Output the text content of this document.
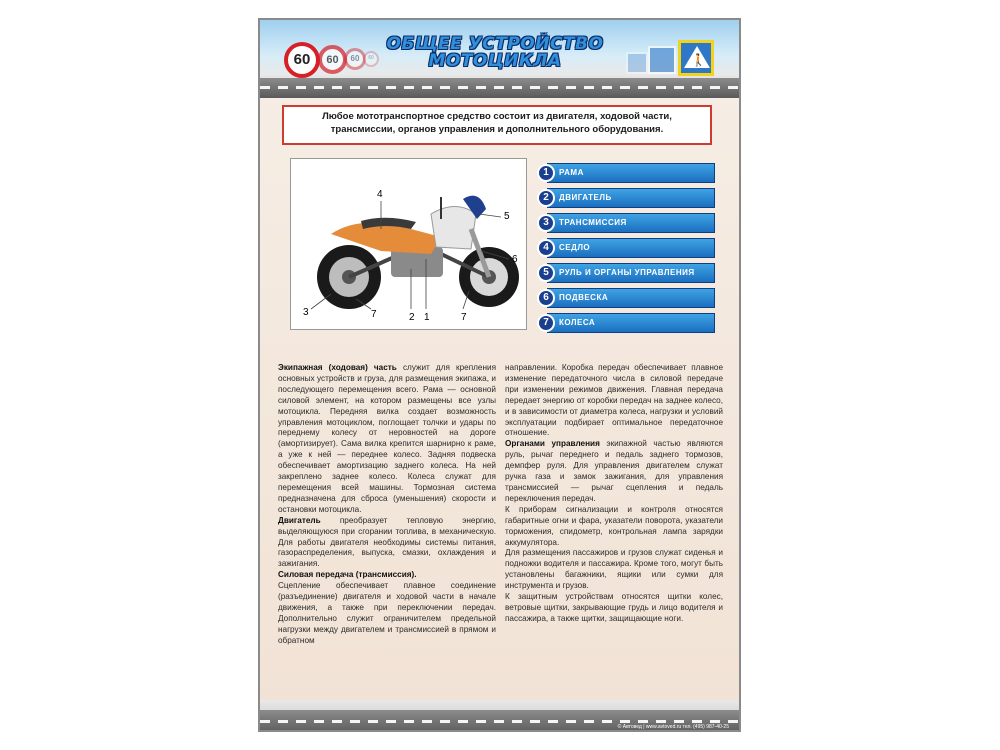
60	60	60	60
ОБЩЕЕ УСТРОЙСТВО
МОТОЦИКЛА	🚶
Любое мототранспортное средство состоит из двигателя, ходовой части, трансмиссии, органов управления и дополнительного оборудования.
4
5
6
3	7	2 1	7
1	РАМА
2	ДВИГАТЕЛЬ
3	ТРАНСМИССИЯ
4	СЕДЛО
5	РУЛЬ И ОРГАНЫ УПРАВЛЕНИЯ
6	ПОДВЕСКА
7	КОЛЕСА

Экипажная (ходовая) часть служит для крепления основных устройств и груза, для размещения экипажа, и последующего перемещения всего. Рама — основной силовой элемент, на котором размещены все узлы мотоцикла. Передняя вилка создает возможность управления мотоциклом, поглощает толчки и удары по переднему колесу от неровностей на дороге (амортизирует). Сама вилка крепится шарнирно к раме, а уже к ней — переднее колесо. Задняя подвеска обеспечивает амортизацию заднего колеса. На ней закреплено заднее колесо. Колеса служат для перемещения всей машины. Тормозная система предназначена для сброса (уменьшения) скорости и остановки мотоцикла.

Двигатель преобразует тепловую энергию, выделяющуюся при сгорании топлива, в механическую. Для работы двигателя необходимы системы питания, газораспределения, выпуска, смазки, охлаждения и зажигания.

Силовая передача (трансмиссия).

Сцепление обеспечивает плавное соединение (разъединение) двигателя и ходовой части в начале движения, а также при переключении передач. Дополнительно служит ограничителем предельной нагрузки между двигателем и трансмиссией в прямом и обратном

направлении. Коробка передач обеспечивает плавное изменение передаточного числа в силовой передаче при изменении режимов движения. Главная передача передает энергию от коробки передач на заднее колесо, и в зависимости от диаметра колеса, нагрузки и условий эксплуатации подбирает оптимальное передаточное отношение.

Органами управления экипажной частью являются руль, рычаг переднего и педаль заднего тормозов, демпфер руля. Для управления двигателем служат ручка газа и замок зажигания, для управления трансмиссией — рычаг сцепления и педаль переключения передач.

К приборам сигнализации и контроля относятся габаритные огни и фара, указатели поворота, указатели торможения, спидометр, контрольная лампа зарядки аккумулятора.

Для размещения пассажиров и грузов служат сиденья и подножки водителя и пассажира. Кроме того, могут быть установлены багажники, ящики или сумки для инструмента и грузов.

К защитным устройствам относятся щитки колес, ветровые щитки, закрывающие грудь и лицо водителя и пассажира, а также щитки, защищающие ноги.

© Автовед | www.avtoved.ru тел. (495) 987-40-25
